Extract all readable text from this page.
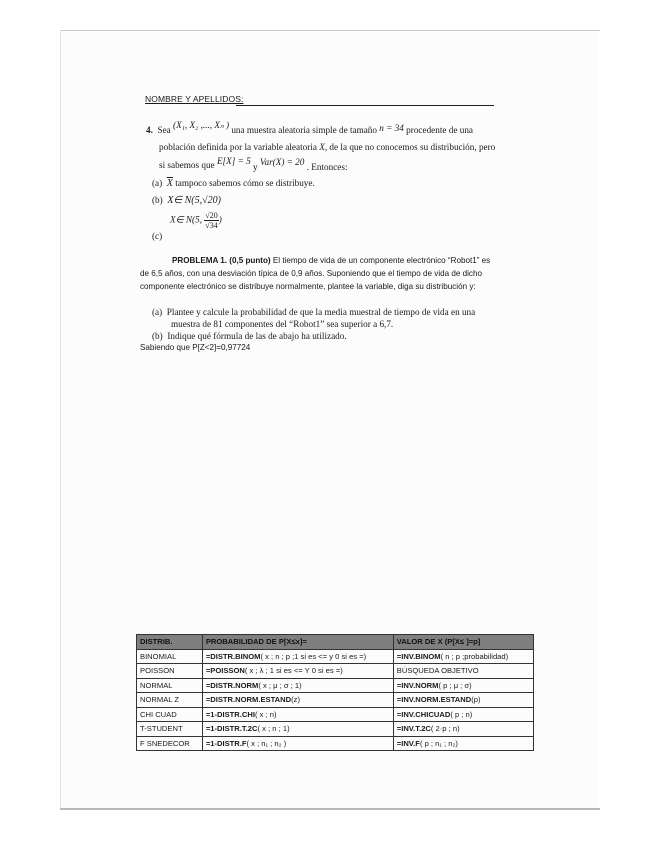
NOMBRE Y APELLIDOS:
4. Sea (X₁, X₂ ,..., Xₙ ) una muestra aleatoria simple de tamaño n = 34 procedente de una
población definida por la variable aleatoria X, de la que no conocemos su distribución, pero
si sabemos que E[X] = 5 y Var(X) = 20 . Entonces:
(a) $\overline{X}$ tampoco sabemos cómo se distribuye.
(b) X∈ N(5,√20)
X∈ N(5, $\frac{√20}{√34}$ )
(c)
PROBLEMA 1. (0,5 punto) El tiempo de vida de un componente electrónico “Robot1” es
de 6,5 años, con una desviación típica de 0,9 años. Suponiendo que el tiempo de vida de dicho
componente electrónico se distribuye normalmente, plantee la variable, diga su distribución y:
(a) Plantee y calcule la probabilidad de que la media muestral de tiempo de vida en una
muestra de 81 componentes del “Robot1” sea superior a 6,7.
(b) Indique qué fórmula de las de abajo ha utilizado.
Sabiendo que P[Z<2]=0,97724
DISTRIB.	PROBABILIDAD DE P[X≤x]=	VALOR DE X (P[X≤ ]=p]
BINOMIAL	=DISTR.BINOM( x ; n ; p ;1 si es <= y 0 si es =)	=INV.BINOM( n ; p ;probabilidad)
POISSON	=POISSON( x ; λ ; 1 si es <= Y 0 si es =)	BÚSQUEDA OBJETIVO
NORMAL	=DISTR.NORM( x ; μ ; σ ; 1)	=INV.NORM( p ; μ ; σ)
NORMAL Z	=DISTR.NORM.ESTAND(z)	=INV.NORM.ESTAND(p)
CHI CUAD	=1-DISTR.CHI( x ; n)	=INV.CHICUAD( p ; n)
T-STUDENT	=1-DISTR.T.2C( x ; n ; 1)	=INV.T.2C( 2·p ; n)
F SNEDECOR	=1-DISTR.F( x ; n₁ ; n₂ )	=INV.F( p ; n₁ ; n₂)
